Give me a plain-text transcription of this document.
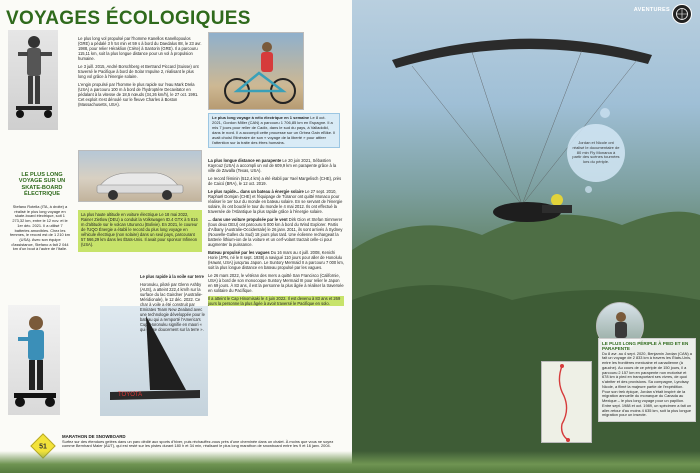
VOYAGES ÉCOLOGIQUES
LE PLUS LONG VOYAGE SUR UN SKATE-BOARD ÉLECTRIQUE
Stefano Rotella (ITA, à droite) a réalisé le plus long voyage en skate-board électrique, soit 1 273,32 km, entre le 12 nov. et le 1er déc. 2021. Il a utilisé 7 batteries amovibles. Chez les femmes, le record est de 1 210 km (USA). Avec son équipe d'assistance, Stefano a fait 2 044 km d'un bout à l'autre de l'Italie.

Le plus long vol propulsé par l'homme Kanellos Kanellopoulos (GRE) a pédalé 3 h 54 min et 59 s à bord du Daedalus 88, le 23 avr. 1988, pour relier Héraklion (Crète) à Santorin (GRE). Il a parcouru 115,11 km, soit la plus longue distance pour un vol à propulsion humaine.

Le 3 juill. 2015, André Borschberg et Bertrand Piccard (Suisse) ont traversé le Pacifique à bord de Solar Impulse 2, réalisant le plus long vol grâce à l'énergie solaire.

L'engin propulsé par l'homme le plus rapide sur l'eau Mark Drela (USA) a parcouru 100 m à bord de l'hydroptère Decavitator en pédalant à la vitesse de 18,5 nœuds (34,26 km/h), le 27 oct. 1991. Cet exploit s'est déroulé sur le fleuve Charles à Boston (Massachusetts, USA).

La plus haute altitude en voiture électrique Le 18 mai 2022, Rainer Zietlow (DEU) a conduit la Volkswagen ID.4 GTX à 5 816 m d'altitude sur le volcan Uturuncu (Bolivie). En 2021, le coureur de l'UQO Énergie a établi le record du plus long voyage en véhicule électrique (non solaire) dans un seul pays, parcourant 57 566,29 km dans les États-Unis. Il avait pour sponsor Infineon (USA).

TOYOTA

Le plus rapide à la voile sur terre

Horonuku, piloté par Glenn Ashby (AUS), a atteint 222,4 km/h sur la surface du lac Gairdner (Australie-Méridionale), le 12 déc. 2022. Ce char à voile a été construit par Emirates Team New Zealand avec une technologie développée pour le bateau qui a remporté l'America's Cup. Horonuku signifie en maori « qui glisse doucement sur la terre ».

Le plus long voyage à vélo électrique en 1 semaine Le 8 oct. 2021, Gordon Miller (CAN) a parcouru 1 706,85 km en Espagne. Il a mis 7 jours pour relier de Cadix, dans le sud du pays, à Valladolid, dans le nord. Il a accompli cette prouesse sur un Orbea Gain eBike. Il avait choisi l'itinéraire de son « voyage de la liberté » pour attirer l'attention sur la traite des êtres humains.

La plus longue distance en parapente Le 20 juin 2021, Sébastien Kayrouz (USA) a accompli un vol de 609,9 km en parapente grâce à la ville de Zavalla (Texas, USA).

Le record féminin (512,4 km) a été établi par Yael Margelisch (CHE), près de Caicó (BRA), le 12 oct. 2019.

Le plus rapide... dans un bateau à énergie solaire Le 27 sept. 2010, Raphaël Domjan (CHE) et l'équipage de Tûranor ont quitté Monaco pour réaliser le 1er tour du monde en bateau solaire. En se servant de l'énergie solaire, ils ont bouclé le tour du monde le 4 mai 2012. Ils ont effectué la traversée de l'Atlantique la plus rapide grâce à l'énergie solaire.

... dans une voiture propulsée par le vent Dirk Gion et Stefan Simmerer (tous deux DEU) ont parcouru 5 000 km à bord du Wind Explorer. Partis d'Albany (Australie-Occidentale) le 26 janv. 2011, ils sont arrivés à Sydney (Nouvelle-Galles du Sud) 18 jours plus tard. Une éolienne rechargeait la batterie lithium-ion de la voiture et un cerf-volant tractait celle-ci pour augmenter la puissance.

Bateau propulsé par les vagues Du 16 mars au 4 juill. 2008, Kenichi Horie (JPN, né le 8 sept. 1938) a navigué 110 jours pour aller de Honolulu (Hawaï, USA) jusqu'au Japon. Le Suntory Mermaid II a parcouru 7 000 km, soit la plus longue distance en bateau propulsé par les vagues.

Le 26 mars 2022, le vétéran des mers a quitté San Francisco (Californie, USA) à bord de son monocoque Suntory Mermaid III pour relier le Japon en 69 jours. À 83 ans, il est la personne la plus âgée à réaliser la traversée en solitaire du Pacifique.

Il a atteint le Cap Hinomisaki le 4 juin 2022. Il est devenu à 83 ans et 269 jours la personne la plus âgée à avoir traversé le Pacifique en solo.

MARATHON DE SNOWBOARD
Surfez sur des étendues gelées dans un parc dédié aux sports d'hiver, puis réchauffez-vous près d'une cheminée dans un chalet. À moins que vous ne soyez comme Bernhard Maier (AUT), qui est resté sur les pistes durant 180 h et 34 min, réalisant le plus long marathon de snowboard entre les 9 et 16 janv. 2004.
51
AVENTURES
Jordan et Nicole ont réalisé le documentaire de 80 min Fly Monarca à partir des scènes tournées lors du périple.
LE PLUS LONG PÉRIPLE À PIED ET EN PARAPENTE
Du 8 avr. au 4 sept. 2020, Benjamin Jordan (CAN) a fait un voyage de 2 833 km à travers les États-Unis, entre les frontières mexicaine et canadienne (à gauche). Au cours de ce périple de 150 jours, il a parcouru 2 157 km en parapente non motorisé et 678 km à pied en transportant ses vivres, de quoi s'abriter et des provisions. Sa compagne, Lyndsay Nicole, a filmé la majeure partie de l'expédition. Pour son trek épique, Jordan s'était inspiré de la migration annuelle du monarque du Canada au Mexique – le plus long voyage pour un papillon. Entre sept. 1988 et oct. 1989, un spécimen a fait un aller-retour d'au moins 4 635 km, soit la plus longue migration pour un insecte.
